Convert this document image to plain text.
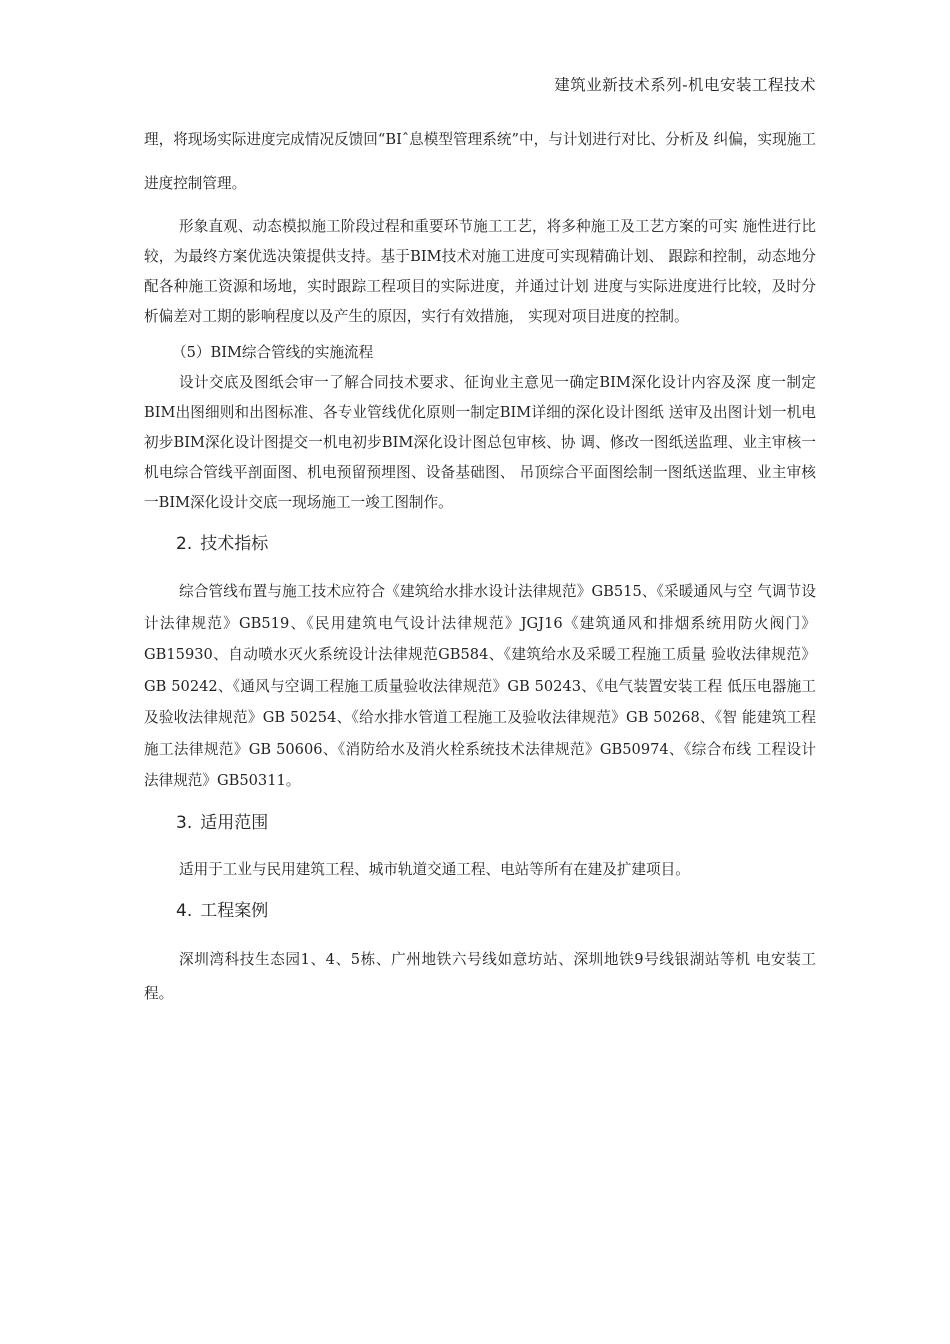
建筑业新技术系列-机电安装工程技术

理，将现场实际进度完成情况反馈回“BIˆ息模型管理系统”中，与计划进行对比、分析及 纠偏，实现施工进度控制管理。

形象直观、动态模拟施工阶段过程和重要环节施工工艺，将多种施工及工艺方案的可实 施性进行比较，为最终方案优选决策提供支持。基于BIM技术对施工进度可实现精确计划、 跟踪和控制，动态地分配各种施工资源和场地，实时跟踪工程项目的实际进度，并通过计划 进度与实际进度进行比较，及时分析偏差对工期的影响程度以及产生的原因，实行有效措施， 实现对项目进度的控制。

（5）BIM综合管线的实施流程

设计交底及图纸会审一了解合同技术要求、征询业主意见一确定BIM深化设计内容及深 度一制定BIM出图细则和出图标准、各专业管线优化原则一制定BIM详细的深化设计图纸 送审及出图计划一机电初步BIM深化设计图提交一机电初步BIM深化设计图总包审核、协 调、修改一图纸送监理、业主审核一机电综合管线平剖面图、机电预留预埋图、设备基础图、 吊顶综合平面图绘制一图纸送监理、业主审核一BIM深化设计交底一现场施工一竣工图制作。

2. 技术指标

综合管线布置与施工技术应符合《建筑给水排水设计法律规范》GB515、《采暖通风与空 气调节设计法律规范》GB519、《民用建筑电气设计法律规范》JGJ16《建筑通风和排烟系统用防火阀门》GB15930、自动喷水灭火系统设计法律规范GB584、《建筑给水及采暖工程施工质量 验收法律规范》GB 50242、《通风与空调工程施工质量验收法律规范》GB 50243、《电气装置安装工程 低压电器施工及验收法律规范》GB 50254、《给水排水管道工程施工及验收法律规范》GB 50268、《智 能建筑工程施工法律规范》GB 50606、《消防给水及消火栓系统技术法律规范》GB50974、《综合布线 工程设计法律规范》GB50311。

3. 适用范围

适用于工业与民用建筑工程、城市轨道交通工程、电站等所有在建及扩建项目。

4. 工程案例

深圳湾科技生态园1、4、5栋、广州地铁六号线如意坊站、深圳地铁9号线银湖站等机 电安装工程。
